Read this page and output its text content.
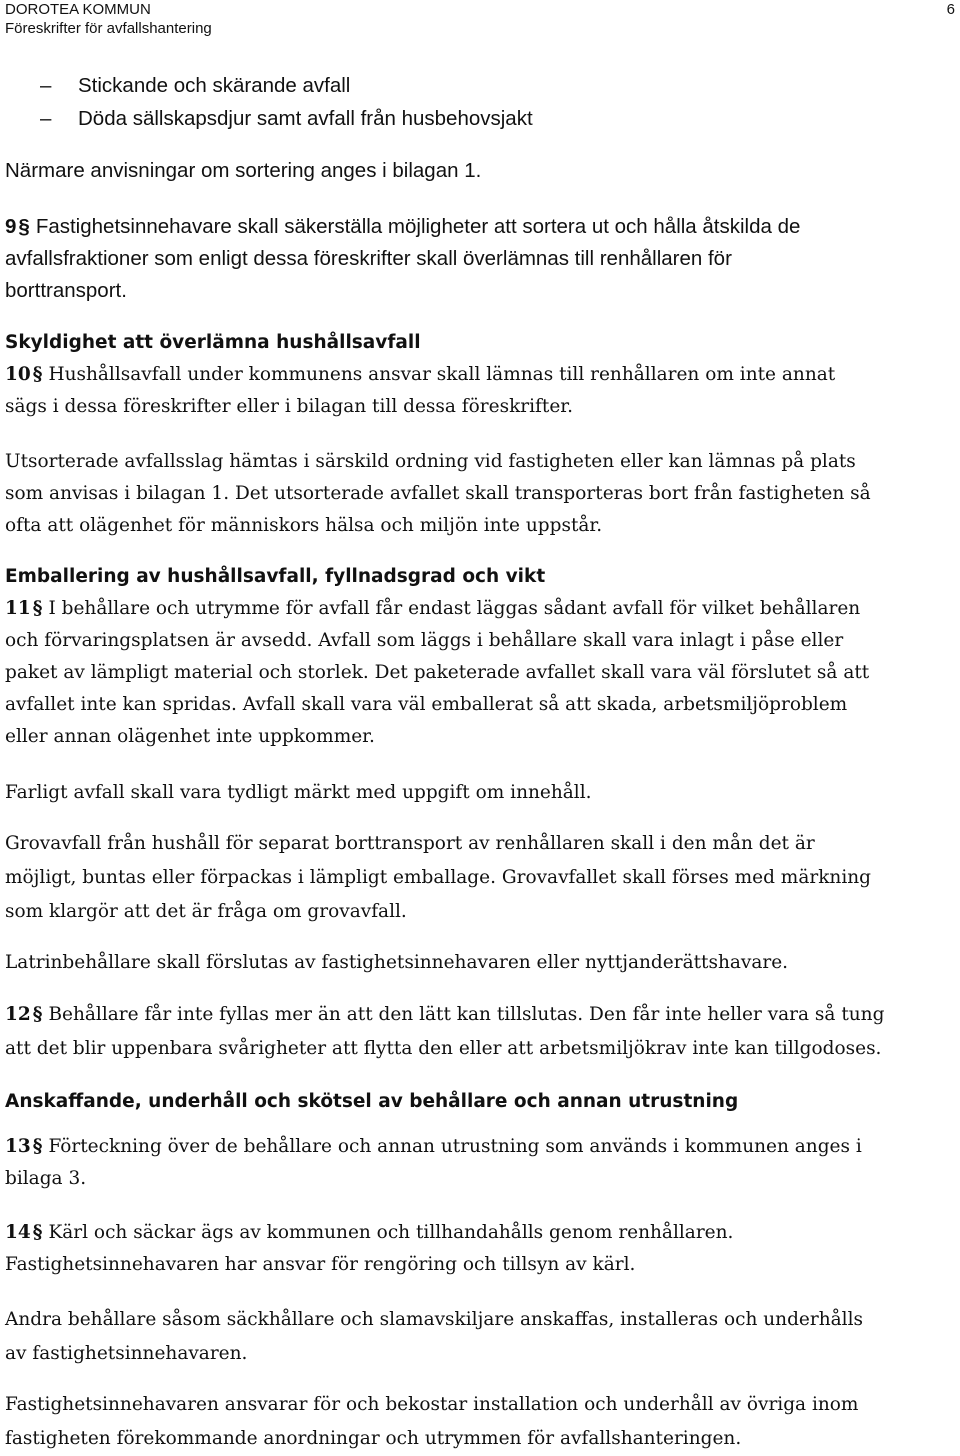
DOROTEA KOMMUN
Föreskrifter för avfallshantering
6
– Stickande och skärande avfall
– Döda sällskapsdjur samt avfall från husbehovsjakt
Närmare anvisningar om sortering anges i bilagan 1.
9§ Fastighetsinnehavare skall säkerställa möjligheter att sortera ut och hålla åtskilda de
avfallsfraktioner som enligt dessa föreskrifter skall överlämnas till renhållaren för
borttransport.
Skyldighet att överlämna hushållsavfall
10 § Hushållsavfall under kommunens ansvar skall lämnas till renhållaren om inte annat
sägs i dessa föreskrifter eller i bilagan till dessa föreskrifter.
Utsorterade avfallsslag hämtas i särskild ordning vid fastigheten eller kan lämnas på plats
som anvisas i bilagan 1. Det utsorterade avfallet skall transporteras bort från fastigheten så
ofta att olägenhet för människors hälsa och miljön inte uppstår.
Emballering av hushållsavfall, fyllnadsgrad och vikt
11 § I behållare och utrymme för avfall får endast läggas sådant avfall för vilket behållaren
och förvaringsplatsen är avsedd. Avfall som läggs i behållare skall vara inlagt i påse eller
paket av lämpligt material och storlek. Det paketerade avfallet skall vara väl förslutet så att
avfallet inte kan spridas. Avfall skall vara väl emballerat så att skada, arbetsmiljöproblem
eller annan olägenhet inte uppkommer.
Farligt avfall skall vara tydligt märkt med uppgift om innehåll.
Grovavfall från hushåll för separat borttransport av renhållaren skall i den mån det är
möjligt, buntas eller förpackas i lämpligt emballage. Grovavfallet skall förses med märkning
som klargör att det är fråga om grovavfall.
Latrinbehållare skall förslutas av fastighetsinnehavaren eller nyttjanderättshavare.
12 § Behållare får inte fyllas mer än att den lätt kan tillslutas. Den får inte heller vara så tung
att det blir uppenbara svårigheter att flytta den eller att arbetsmiljökrav inte kan tillgodoses.
Anskaffande, underhåll och skötsel av behållare och annan utrustning
13 § Förteckning över de behållare och annan utrustning som används i kommunen anges i
bilaga 3.
14 § Kärl och säckar ägs av kommunen och tillhandahålls genom renhållaren.
Fastighetsinnehavaren har ansvar för rengöring och tillsyn av kärl.
Andra behållare såsom säckhållare och slamavskiljare anskaffas, installeras och underhålls
av fastighetsinnehavaren.
Fastighetsinnehavaren ansvarar för och bekostar installation och underhåll av övriga inom
fastigheten förekommande anordningar och utrymmen för avfallshanteringen.
